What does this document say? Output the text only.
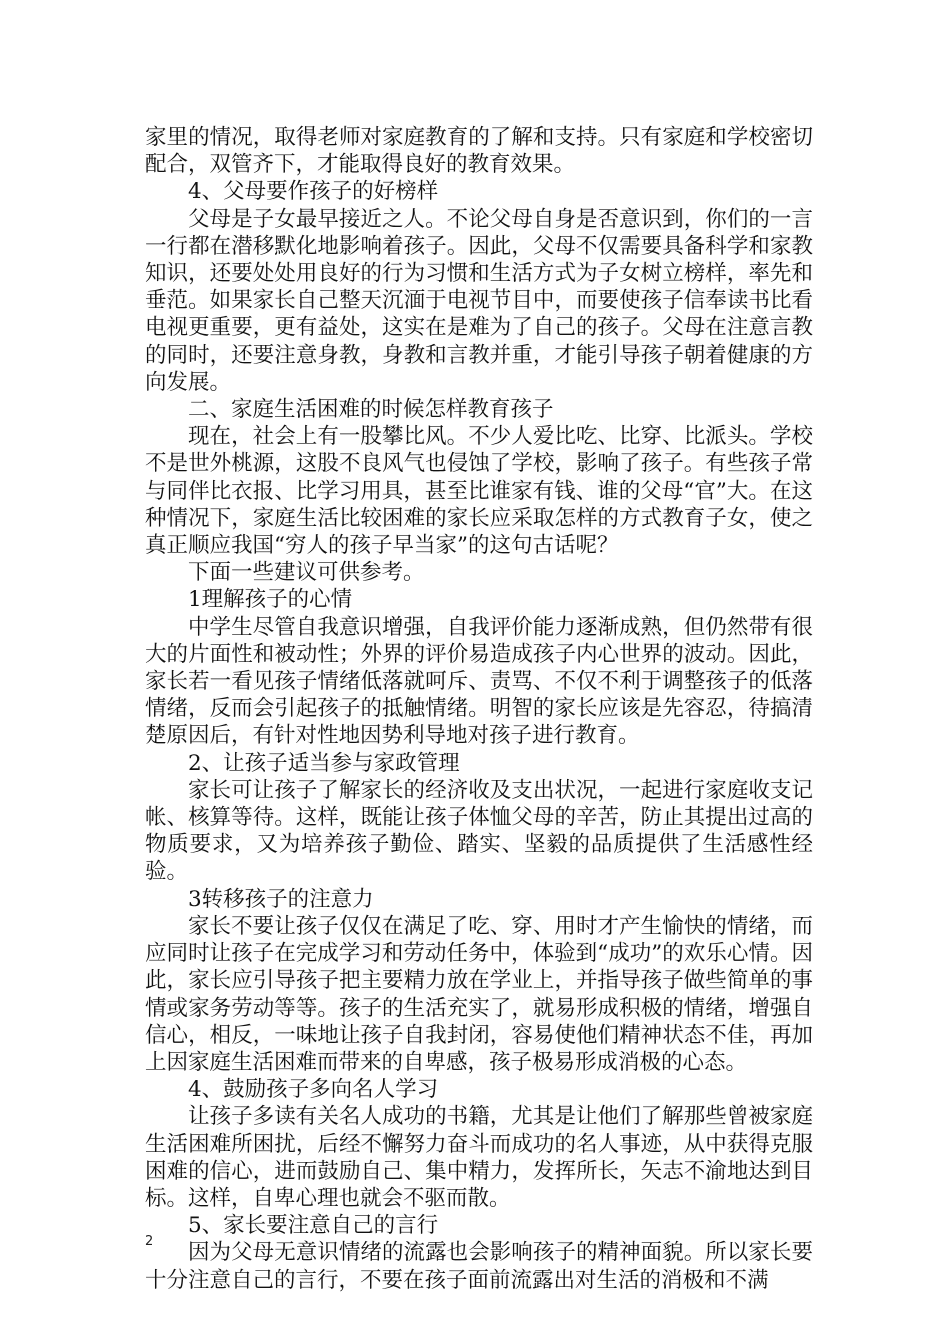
家里的情况，取得老师对家庭教育的了解和支持。只有家庭和学校密切配合，双管齐下，才能取得良好的教育效果。

4、父母要作孩子的好榜样

父母是子女最早接近之人。不论父母自身是否意识到，你们的一言一行都在潜移默化地影响着孩子。因此，父母不仅需要具备科学和家教知识，还要处处用良好的行为习惯和生活方式为子女树立榜样，率先和垂范。如果家长自己整天沉湎于电视节目中，而要使孩子信奉读书比看电视更重要，更有益处，这实在是难为了自己的孩子。父母在注意言教的同时，还要注意身教，身教和言教并重，才能引导孩子朝着健康的方向发展。

二、家庭生活困难的时候怎样教育孩子

现在，社会上有一股攀比风。不少人爱比吃、比穿、比派头。学校不是世外桃源，这股不良风气也侵蚀了学校，影响了孩子。有些孩子常与同伴比衣报、比学习用具，甚至比谁家有钱、谁的父母“官”大。在这种情况下，家庭生活比较困难的家长应采取怎样的方式教育子女，使之真正顺应我国“穷人的孩子早当家”的这句古话呢？

下面一些建议可供参考。

1理解孩子的心情

中学生尽管自我意识增强，自我评价能力逐渐成熟，但仍然带有很大的片面性和被动性；外界的评价易造成孩子内心世界的波动。因此，家长若一看见孩子情绪低落就呵斥、责骂、不仅不利于调整孩子的低落情绪，反而会引起孩子的抵触情绪。明智的家长应该是先容忍，待搞清楚原因后，有针对性地因势利导地对孩子进行教育。

2、让孩子适当参与家政管理

家长可让孩子了解家长的经济收及支出状况，一起进行家庭收支记帐、核算等待。这样，既能让孩子体恤父母的辛苦，防止其提出过高的物质要求，又为培养孩子勤俭、踏实、坚毅的品质提供了生活感性经验。

3转移孩子的注意力

家长不要让孩子仅仅在满足了吃、穿、用时才产生愉快的情绪，而应同时让孩子在完成学习和劳动任务中，体验到“成功”的欢乐心情。因此，家长应引导孩子把主要精力放在学业上，并指导孩子做些简单的事情或家务劳动等等。孩子的生活充实了，就易形成积极的情绪，增强自信心，相反，一味地让孩子自我封闭，容易使他们精神状态不佳，再加上因家庭生活困难而带来的自卑感，孩子极易形成消极的心态。

4、鼓励孩子多向名人学习

让孩子多读有关名人成功的书籍，尤其是让他们了解那些曾被家庭生活困难所困扰，后经不懈努力奋斗而成功的名人事迹，从中获得克服困难的信心，进而鼓励自己、集中精力，发挥所长，矢志不渝地达到目标。这样，自卑心理也就会不驱而散。

5、家长要注意自己的言行

因为父母无意识情绪的流露也会影响孩子的精神面貌。所以家长要十分注意自己的言行，不要在孩子面前流露出对生活的消极和不满

2
